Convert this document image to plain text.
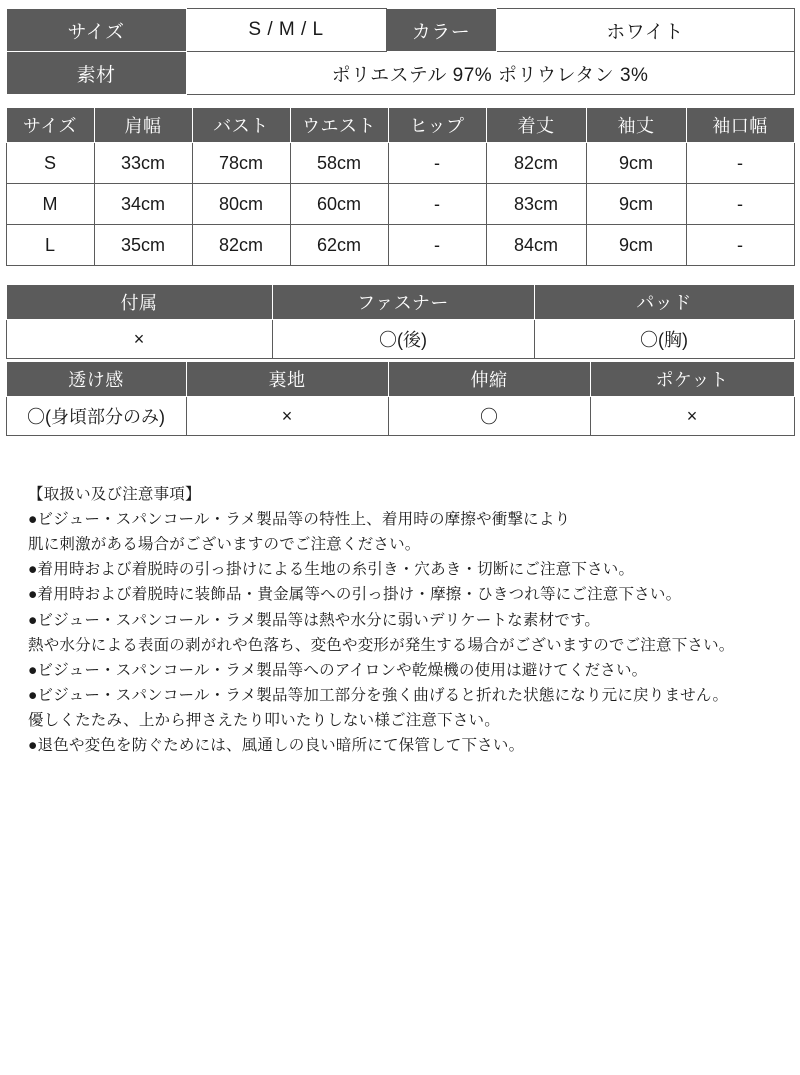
サイズ	S / M / L	カラー	ホワイト
素材	ポリエステル 97% ポリウレタン 3%		
サイズ	肩幅	バスト	ウエスト	ヒップ	着丈	袖丈	袖口幅
S	33cm	78cm	58cm	-	82cm	9cm	-
M	34cm	80cm	60cm	-	83cm	9cm	-
L	35cm	82cm	62cm	-	84cm	9cm	-
付属	ファスナー	パッド
×	〇(後)	〇(胸)
透け感	裏地	伸縮	ポケット
〇(身頃部分のみ)	×	〇	×
【取扱い及び注意事項】
●ビジュー・スパンコール・ラメ製品等の特性上、着用時の摩擦や衝撃により
肌に刺激がある場合がございますのでご注意ください。
●着用時および着脱時の引っ掛けによる生地の糸引き・穴あき・切断にご注意下さい。
●着用時および着脱時に装飾品・貴金属等への引っ掛け・摩擦・ひきつれ等にご注意下さい。
●ビジュー・スパンコール・ラメ製品等は熱や水分に弱いデリケートな素材です。
熱や水分による表面の剥がれや色落ち、変色や変形が発生する場合がございますのでご注意下さい。
●ビジュー・スパンコール・ラメ製品等へのアイロンや乾燥機の使用は避けてください。
●ビジュー・スパンコール・ラメ製品等加工部分を強く曲げると折れた状態になり元に戻りません。
優しくたたみ、上から押さえたり叩いたりしない様ご注意下さい。
●退色や変色を防ぐためには、風通しの良い暗所にて保管して下さい。
